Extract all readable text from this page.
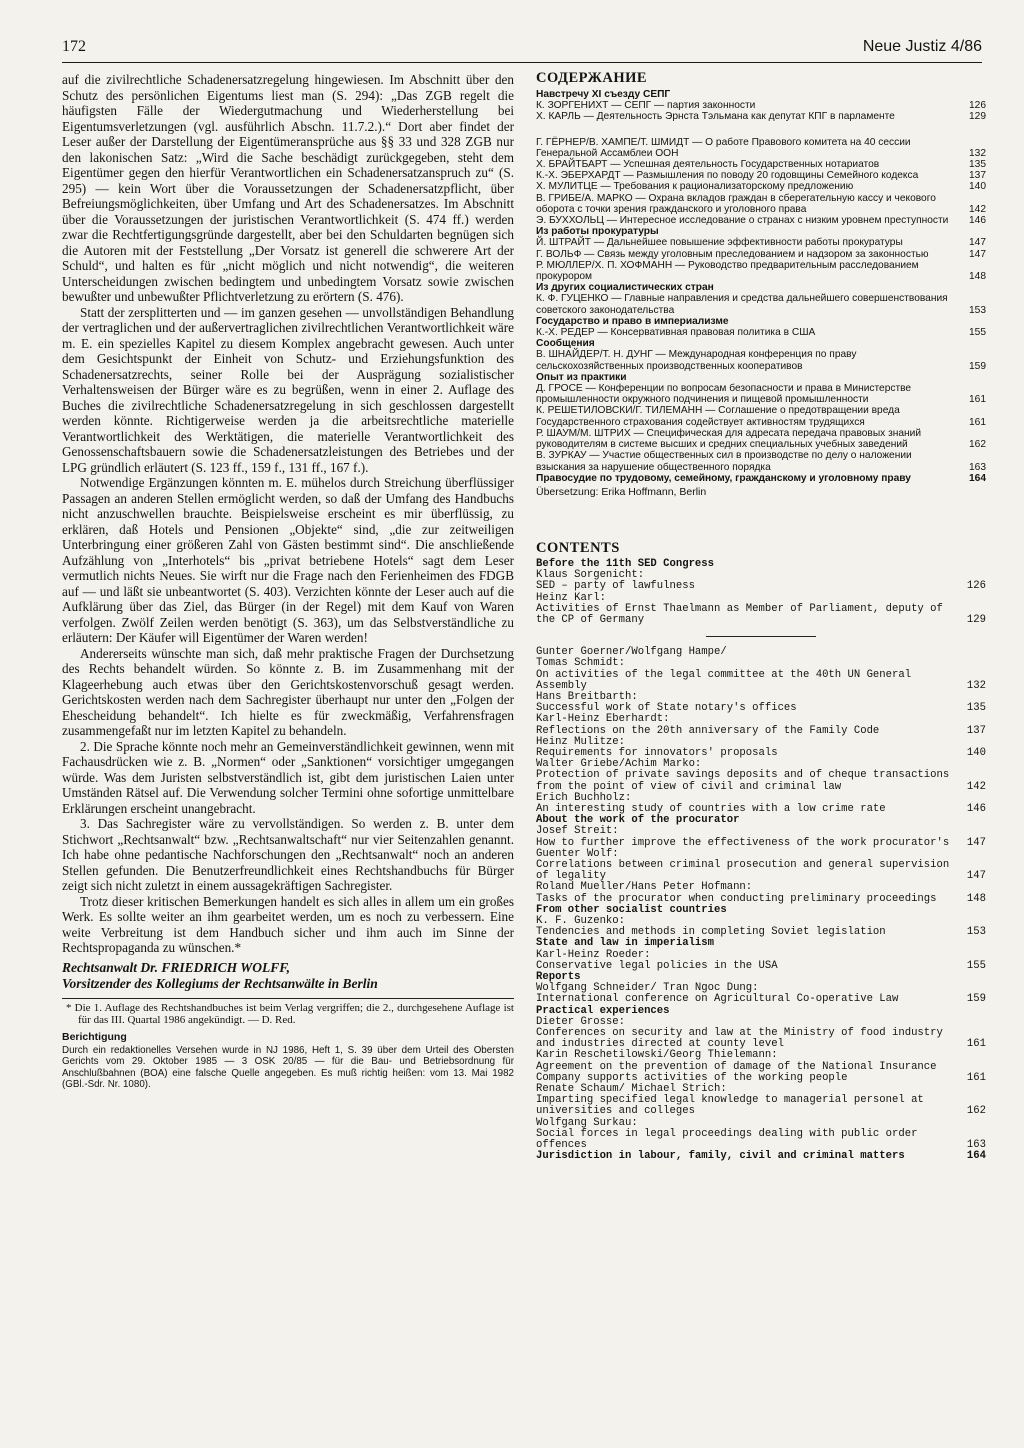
172	Neue Justiz 4/86

auf die zivilrechtliche Schadenersatzregelung hingewiesen. Im Abschnitt über den Schutz des persönlichen Eigentums liest man (S. 294): „Das ZGB regelt die häufigsten Fälle der Wiedergutmachung und Wiederherstellung bei Eigentumsverletzungen (vgl. ausführlich Abschn. 11.7.2.).“ Dort aber findet der Leser außer der Darstellung der Eigentümeransprüche aus §§ 33 und 328 ZGB nur den lakonischen Satz: „Wird die Sache beschädigt zurückgegeben, steht dem Eigentümer gegen den hierfür Verantwortlichen ein Schadenersatzanspruch zu“ (S. 295) — kein Wort über die Voraussetzungen der Schadenersatzpflicht, über Befreiungsmöglichkeiten, über Umfang und Art des Schadenersatzes. Im Abschnitt über die Voraussetzungen der juristischen Verantwortlichkeit (S. 474 ff.) werden zwar die Rechtfertigungsgründe dargestellt, aber bei den Schuldarten begnügen sich die Autoren mit der Feststellung „Der Vorsatz ist generell die schwerere Art der Schuld“, und halten es für „nicht möglich und nicht notwendig“, die weiteren Unterscheidungen zwischen bedingtem und unbedingtem Vorsatz sowie zwischen bewußter und unbewußter Pflichtverletzung zu erörtern (S. 476).

Statt der zersplitterten und — im ganzen gesehen — unvollständigen Behandlung der vertraglichen und der außervertraglichen zivilrechtlichen Verantwortlichkeit wäre m. E. ein spezielles Kapitel zu diesem Komplex angebracht gewesen. Auch unter dem Gesichtspunkt der Einheit von Schutz- und Erziehungsfunktion des Schadenersatzrechts, seiner Rolle bei der Ausprägung sozialistischer Verhaltensweisen der Bürger wäre es zu begrüßen, wenn in einer 2. Auflage des Buches die zivilrechtliche Schadenersatzregelung in sich geschlossen dargestellt werden könnte. Richtigerweise werden ja die arbeitsrechtliche materielle Verantwortlichkeit des Werktätigen, die materielle Verantwortlichkeit des Genossenschaftsbauern sowie die Schadenersatzleistungen des Betriebes und der LPG gründlich erläutert (S. 123 ff., 159 f., 131 ff., 167 f.).

Notwendige Ergänzungen könnten m. E. mühelos durch Streichung überflüssiger Passagen an anderen Stellen ermöglicht werden, so daß der Umfang des Handbuchs nicht anzuschwellen brauchte. Beispielsweise erscheint es mir überflüssig, zu erklären, daß Hotels und Pensionen „Objekte“ sind, „die zur zeitweiligen Unterbringung einer größeren Zahl von Gästen bestimmt sind“. Die anschließende Aufzählung von „Interhotels“ bis „privat betriebene Hotels“ sagt dem Leser vermutlich nichts Neues. Sie wirft nur die Frage nach den Ferienheimen des FDGB auf — und läßt sie unbeantwortet (S. 403). Verzichten könnte der Leser auch auf die Aufklärung über das Ziel, das Bürger (in der Regel) mit dem Kauf von Waren verfolgen. Zwölf Zeilen werden benötigt (S. 363), um das Selbstverständliche zu erläutern: Der Käufer will Eigentümer der Waren werden!

Andererseits wünschte man sich, daß mehr praktische Fragen der Durchsetzung des Rechts behandelt würden. So könnte z. B. im Zusammenhang mit der Klageerhebung auch etwas über den Gerichtskostenvorschuß gesagt werden. Gerichtskosten werden nach dem Sachregister überhaupt nur unter den „Folgen der Ehescheidung behandelt“. Ich hielte es für zweckmäßig, Verfahrensfragen zusammengefaßt nur im letzten Kapitel zu behandeln.

2. Die Sprache könnte noch mehr an Gemeinverständlichkeit gewinnen, wenn mit Fachausdrücken wie z. B. „Normen“ oder „Sanktionen“ vorsichtiger umgegangen würde. Was dem Juristen selbstverständlich ist, gibt dem juristischen Laien unter Umständen Rätsel auf. Die Verwendung solcher Termini ohne sofortige unmittelbare Erklärungen erscheint unangebracht.

3. Das Sachregister wäre zu vervollständigen. So werden z. B. unter dem Stichwort „Rechtsanwalt“ bzw. „Rechtsanwaltschaft“ nur vier Seitenzahlen genannt. Ich habe ohne pedantische Nachforschungen den „Rechtsanwalt“ noch an anderen Stellen gefunden. Die Benutzerfreundlichkeit eines Rechtshandbuchs für Bürger zeigt sich nicht zuletzt in einem aussagekräftigen Sachregister.

Trotz dieser kritischen Bemerkungen handelt es sich alles in allem um ein großes Werk. Es sollte weiter an ihm gearbeitet werden, um es noch zu verbessern. Eine weite Verbreitung ist dem Handbuch sicher und ihm auch im Sinne der Rechtspropaganda zu wünschen.*

Rechtsanwalt Dr. FRIEDRICH WOLFF,
Vorsitzender des Kollegiums der Rechtsanwälte in Berlin
* Die 1. Auflage des Rechtshandbuches ist beim Verlag vergriffen; die 2., durchgesehene Auflage ist für das III. Quartal 1986 angekündigt. — D. Red.
Berichtigung
Durch ein redaktionelles Versehen wurde in NJ 1986, Heft 1, S. 39 über dem Urteil des Obersten Gerichts vom 29. Oktober 1985 — 3 OSK 20/85 — für die Bau- und Betriebsordnung für Anschlußbahnen (BOA) eine falsche Quelle angegeben. Es muß richtig heißen: vom 13. Mai 1982 (GBl.-Sdr. Nr. 1080).
СОДЕРЖАНИЕ
Навстречу XI съезду СЕПГ
К. ЗОРГЕНИХТ — СЕПГ — партия законности	126
Х. КАРЛЬ — Деятельность Эрнста Тэльмана как депутат КПГ в парламенте	129
Г. ГЁРНЕР/В. ХАМПЕ/Т. ШМИДТ — О работе Правового комитета на 40 сессии Генеральной Ассамблеи ООН	132
Х. БРАЙТБАРТ — Успешная деятельность Государственных нотариатов	135
К.-Х. ЭБЕРХАРДТ — Размышления по поводу 20 годовщины Семейного кодекса	137
Х. МУЛИТЦЕ — Требования к рационализаторскому предложению	140
В. ГРИБЕ/А. МАРКО — Охрана вкладов граждан в сберегательную кассу и чекового оборота с точки зрения гражданского и уголовного права	142
Э. БУХХОЛЬЦ — Интересное исследование о странах с низким уровнем преступности 146
Из работы прокуратуры
Й. ШТРАЙТ — Дальнейшее повышение эффективности работы прокуратуры	147
Г. ВОЛЬФ — Связь между уголовным преследованием и надзором за законностью	147
Р. МЮЛЛЕР/Х. П. ХОФМАНН — Руководство предварительным расследованием прокурором	148
Из других социалистических стран
К. Ф. ГУЦЕНКО — Главные направления и средства дальнейшего совершенствования советского законодательства	153
Государство и право в империализме
К.-Х. РЕДЕР — Консервативная правовая политика в США	155
Сообщения
В. ШНАЙДЕР/Т. Н. ДУНГ — Международная конференция по праву сельскохозяйственных производственных кооперативов	159
Опыт из практики
Д. ГРОСЕ — Конференции по вопросам безопасности и права в Министерстве промышленности окружного подчинения и пищевой промышленности	161
К. РЕШЕТИЛОВСКИ/Г. ТИЛЕМАНН — Соглашение о предотвращении вреда Государственного страхования содействует активностям трудящихся	161
Р. ШАУМ/М. ШТРИХ — Специфическая для адресата передача правовых знаний руководителям в системе высших и средних специальных учебных заведений	162
В. ЗУРКАУ — Участие общественных сил в производстве по делу о наложении взыскания за нарушение общественного порядка	163
Правосудие по трудовому, семейному, гражданскому и уголовному праву	164
Übersetzung: Erika Hoffmann, Berlin
CONTENTS
Before the 11th SED Congress
Klaus Sorgenicht:
SED – party of lawfulness	126
Heinz Karl:
Activities of Ernst Thaelmann as Member of Parliament, deputy of the CP of Germany	129
Gunter Goerner/Wolfgang Hampe/
Tomas Schmidt:
On activities of the legal committee at the 40th UN General Assembly	132
Hans Breitbarth:
Successful work of State notary's offices	135
Karl-Heinz Eberhardt:
Reflections on the 20th anniversary of the Family Code	137
Heinz Mulitze:
Requirements for innovators' proposals	140
Walter Griebe/Achim Marko:
Protection of private savings deposits and of cheque transactions from the point of view of civil and criminal law	142
Erich Buchholz:
An interesting study of countries with a low crime rate	146
About the work of the procurator
Josef Streit:
How to further improve the effectiveness of the work procurator's 147
Guenter Wolf:
Correlations between criminal prosecution and general supervision of legality	147
Roland Mueller/Hans Peter Hofmann:
Tasks of the procurator when conducting preliminary proceedings	148
From other socialist countries
K. F. Guzenko:
Tendencies and methods in completing Soviet legislation	153
State and law in imperialism
Karl-Heinz Roeder:
Conservative legal policies in the USA	155
Reports
Wolfgang Schneider/ Tran Ngoc Dung:
International conference on Agricultural Co-operative Law	159
Practical experiences
Dieter Grosse:
Conferences on security and law at the Ministry of food industry and industries directed at county level	161
Karin Reschetilowski/Georg Thielemann:
Agreement on the prevention of damage of the National Insurance Company supports activities of the working people	161
Renate Schaum/ Michael Strich:
Imparting specified legal knowledge to managerial personel at universities and colleges	162
Wolfgang Surkau:
Social forces in legal proceedings dealing with public order offences	163
Jurisdiction in labour, family, civil and criminal matters	164
